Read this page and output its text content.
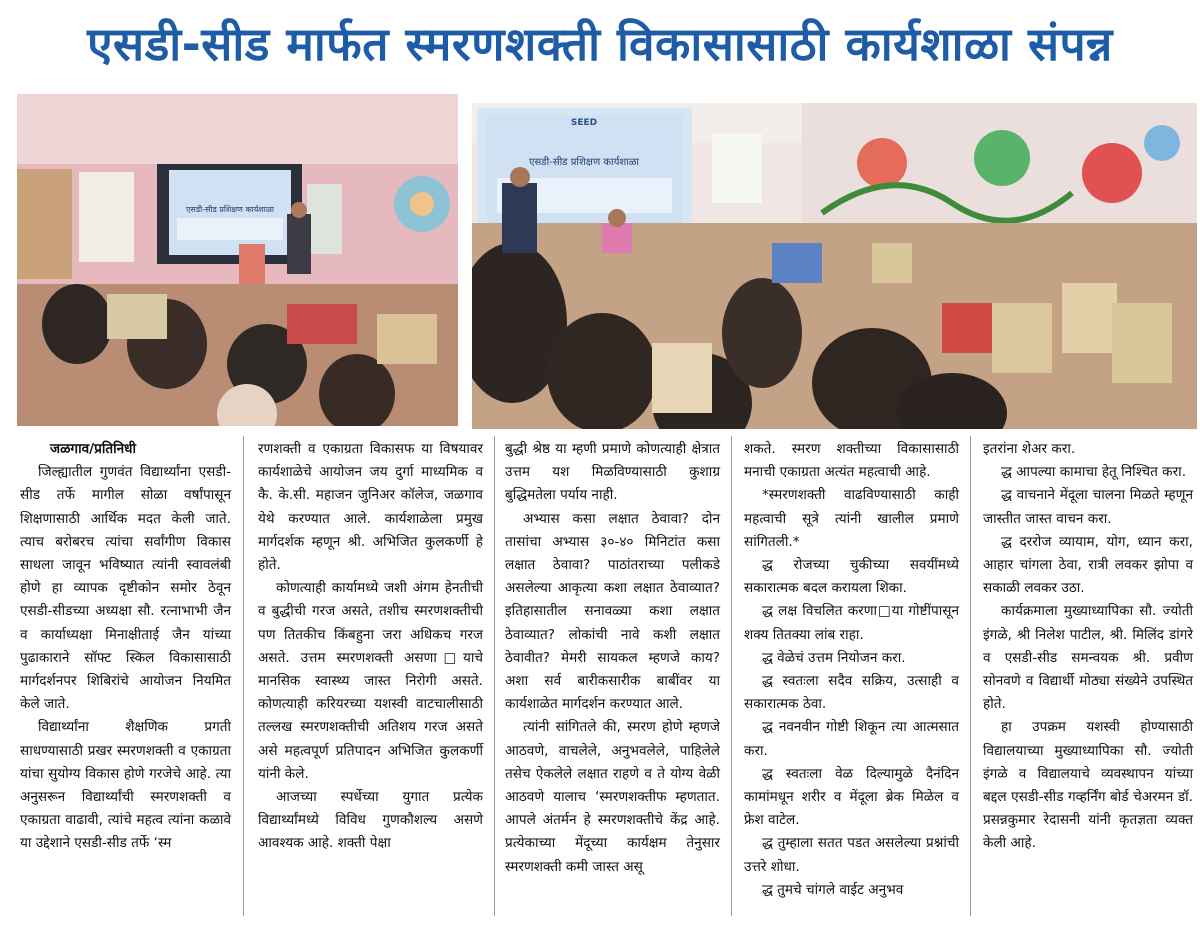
एसडी-सीड मार्फत स्मरणशक्ती विकासासाठी कार्यशाळा संपन्न
एसडी-सीड प्रशिक्षण कार्यशाळा
SEED
एसडी-सीड प्रशिक्षण कार्यशाळा

जळगाव/प्रतिनिधी

जिल्ह्यातील गुणवंत विद्यार्थ्यांना एसडी-सीड तर्फे मागील सोळा वर्षांपासून शिक्षणासाठी आर्थिक मदत केली जाते. त्याच बरोबरच त्यांचा सर्वांगीण विकास साधला जावून भविष्यात त्यांनी स्वावलंबी होणे हा व्यापक दृष्टीकोन समोर ठेवून एसडी-सीडच्या अध्यक्षा सौ. रत्नाभाभी जैन व कार्याध्यक्षा मिनाक्षीताई जैन यांच्या पुढाकाराने सॉफ्ट स्किल विकासासाठी मार्गदर्शनपर शिबिरांचे आयोजन नियमित केले जाते.

विद्यार्थ्यांना शैक्षणिक प्रगती साधण्यासाठी प्रखर स्मरणशक्ती व एकाग्रता यांचा सुयोग्य विकास होणे गरजेचे आहे. त्या अनुसरून विद्यार्थ्यांची स्मरणशक्ती व एकाग्रता वाढावी, त्यांचे महत्व त्यांना कळावे या उद्देशाने एसडी-सीड तर्फे ‘स्म

रणशक्ती व एकाग्रता विकासफ या विषयावर कार्यशाळेचे आयोजन जय दुर्गा माध्यमिक व कै. के.सी. महाजन जुनिअर कॉलेज, जळगाव येथे करण्यात आले. कार्यशाळेला प्रमुख मार्गदर्शक म्हणून श्री. अभिजित कुलकर्णी हे होते.

कोणत्याही कार्यामध्ये जशी अंगम हेनतीची व बुद्धीची गरज असते, तशीच स्मरणशक्तीची पण तितकीच किंबहुना जरा अधिकच गरज असते. उत्तम स्मरणशक्ती असणा□याचे मानसिक स्वास्थ्य जास्त निरोगी असते. कोणत्याही करियरच्या यशस्वी वाटचालीसाठी तल्लख स्मरणशक्तीची अतिशय गरज असते असे महत्वपूर्ण प्रतिपादन अभिजित कुलकर्णी यांनी केले.

आजच्या स्पर्धेच्या युगात प्रत्येक विद्यार्थ्यांमध्ये विविध गुणकौशल्य असणे आवश्यक आहे. शक्ती पेक्षा

बुद्धी श्रेष्ठ या म्हणी प्रमाणे कोणत्याही क्षेत्रात उत्तम यश मिळविण्यासाठी कुशाग्र बुद्धिमतेला पर्याय नाही.

अभ्यास कसा लक्षात ठेवावा? दोन तासांचा अभ्यास ३०-४० मिनिटांत कसा लक्षात ठेवावा? पाठांतराच्या पलीकडे असलेल्या आकृत्या कशा लक्षात ठेवाव्यात? इतिहासातील सनावळ्या कशा लक्षात ठेवाव्यात? लोकांची नावे कशी लक्षात ठेवावीत? मेमरी सायकल म्हणजे काय? अशा सर्व बारीकसारीक बाबींवर या कार्यशाळेत मार्गदर्शन करण्यात आले.

त्यांनी सांगितले की, स्मरण होणे म्हणजे आठवणे, वाचलेले, अनुभवलेले, पाहिलेले तसेच ऐकलेले लक्षात राहणे व ते योग्य वेळी आठवणे यालाच ‘स्मरणशक्तीफ म्हणतात. आपले अंतर्मन हे स्मरणशक्तीचे केंद्र आहे. प्रत्येकाच्या मेंदूच्या कार्यक्षम तेनुसार स्मरणशक्ती कमी जास्त असू

शकते. स्मरण शक्तीच्या विकासासाठी मनाची एकाग्रता अत्यंत महत्वाची आहे.

*स्मरणशक्ती वाढविण्यासाठी काही महत्वाची सूत्रे त्यांनी खालील प्रमाणे सांगितली.*

द्ध रोजच्या चुकीच्या सवयींमध्ये सकारात्मक बदल करायला शिका.

द्ध लक्ष विचलित करणा□या गोष्टींपासून शक्य तितक्या लांब राहा.

द्ध वेळेचं उत्तम नियोजन करा.

द्ध स्वतःला सदैव सक्रिय, उत्साही व सकारात्मक ठेवा.

द्ध नवनवीन गोष्टी शिकून त्या आत्मसात करा.

द्ध स्वतःला वेळ दिल्यामुळे दैनंदिन कामांमधून शरीर व मेंदूला ब्रेक मिळेल व फ्रेश वाटेल.

द्ध तुम्हाला सतत पडत असलेल्या प्रश्नांची उत्तरे शोधा.

द्ध तुमचे चांगले वाईट अनुभव

इतरांना शेअर करा.

द्ध आपल्या कामाचा हेतू निश्चित करा.

द्ध वाचनाने मेंदूला चालना मिळते म्हणून जास्तीत जास्त वाचन करा.

द्ध दररोज व्यायाम, योग, ध्यान करा, आहार चांगला ठेवा, रात्री लवकर झोपा व सकाळी लवकर उठा.

कार्यक्रमाला मुख्याध्यापिका सौ. ज्योती इंगळे, श्री निलेश पाटील, श्री. मिलिंद डांगरे व एसडी-सीड समन्वयक श्री. प्रवीण सोनवणे व विद्यार्थी मोठ्या संख्येने उपस्थित होते.

हा उपक्रम यशस्वी होण्यासाठी विद्यालयाच्या मुख्याध्यापिका सौ. ज्योती इंगळे व विद्यालयाचे व्यवस्थापन यांच्या बद्दल एसडी-सीड गव्हर्निंग बोर्ड चेअरमन डॉ. प्रसन्नकुमार रेदासनी यांनी कृतज्ञता व्यक्त केली आहे.
